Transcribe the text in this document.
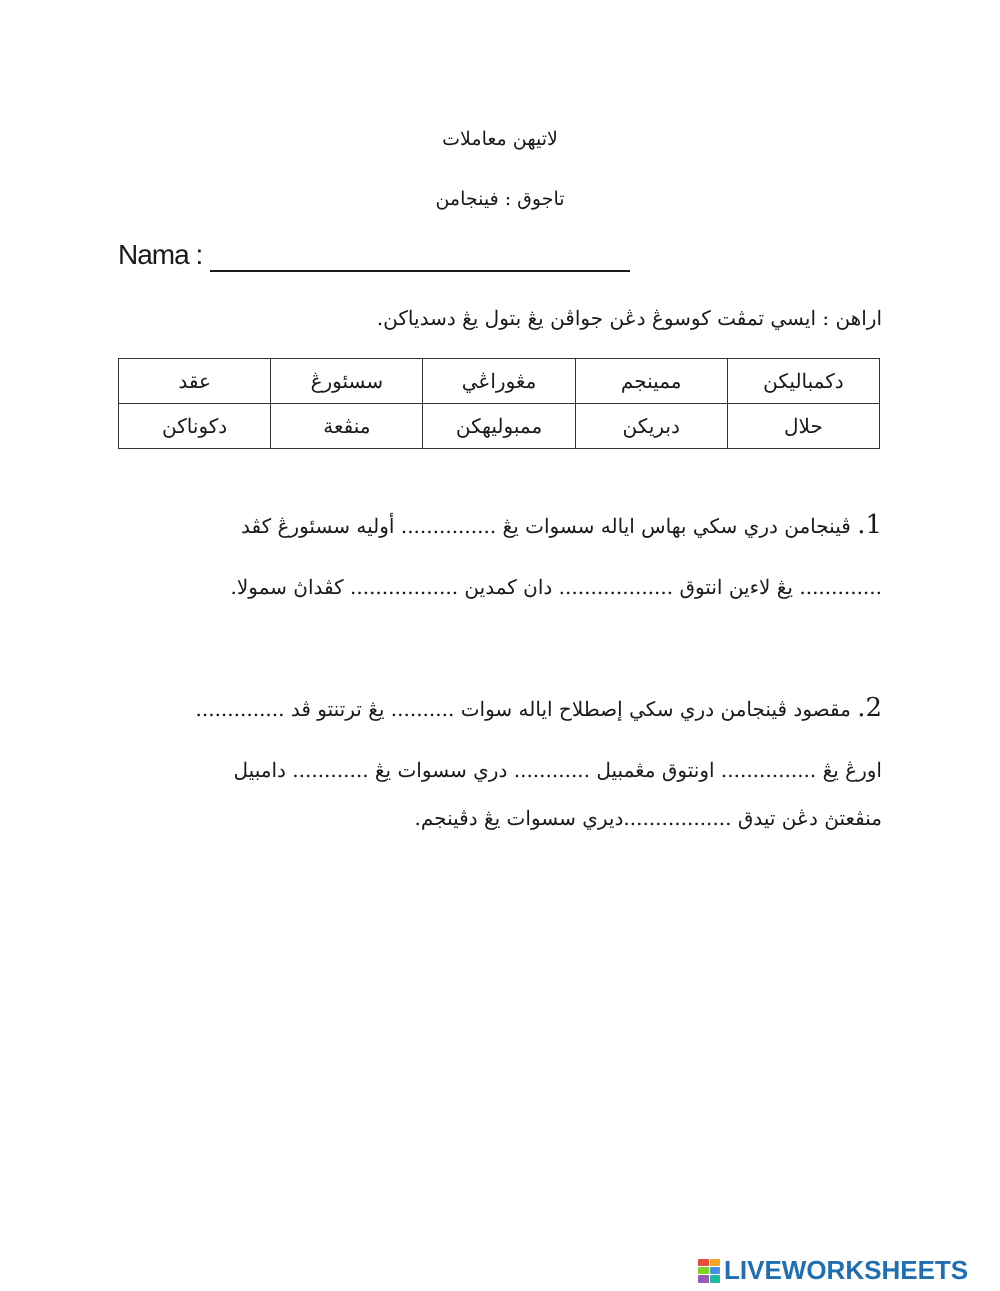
لاتيهن معاملات
تاجوق : فينجامن
Nama :
اراهن : ايسي تمڤت كوسوڠ دڠن جواڤن يڠ بتول يڠ دسدياكن.
دكمباليكن	ممينجم	مڠوراڠي	سسئورڠ	عقد
حلال	دبريكن	ممبوليهكن	منڤعة	دكوناكن
1. ڤينجامن دري سكي بهاس اياله سسوات يڠ ............... أوليه سسئورڠ كڤد
............. يڠ لاءين انتوق .................. دان كمدين ................. كڤداڽ سمولا.
2. مقصود ڤينجامن دري سكي إصطلاح اياله سوات .......... يڠ ترتنتو ڤد ..............
اورڠ يڠ ............... اونتوق مڠمبيل ............ دري سسوات يڠ ............ دامبيل
منڤعتڽ دڠن تيدق .................ديري سسوات يڠ دڤينجم.
LIVEWORKSHEETS
